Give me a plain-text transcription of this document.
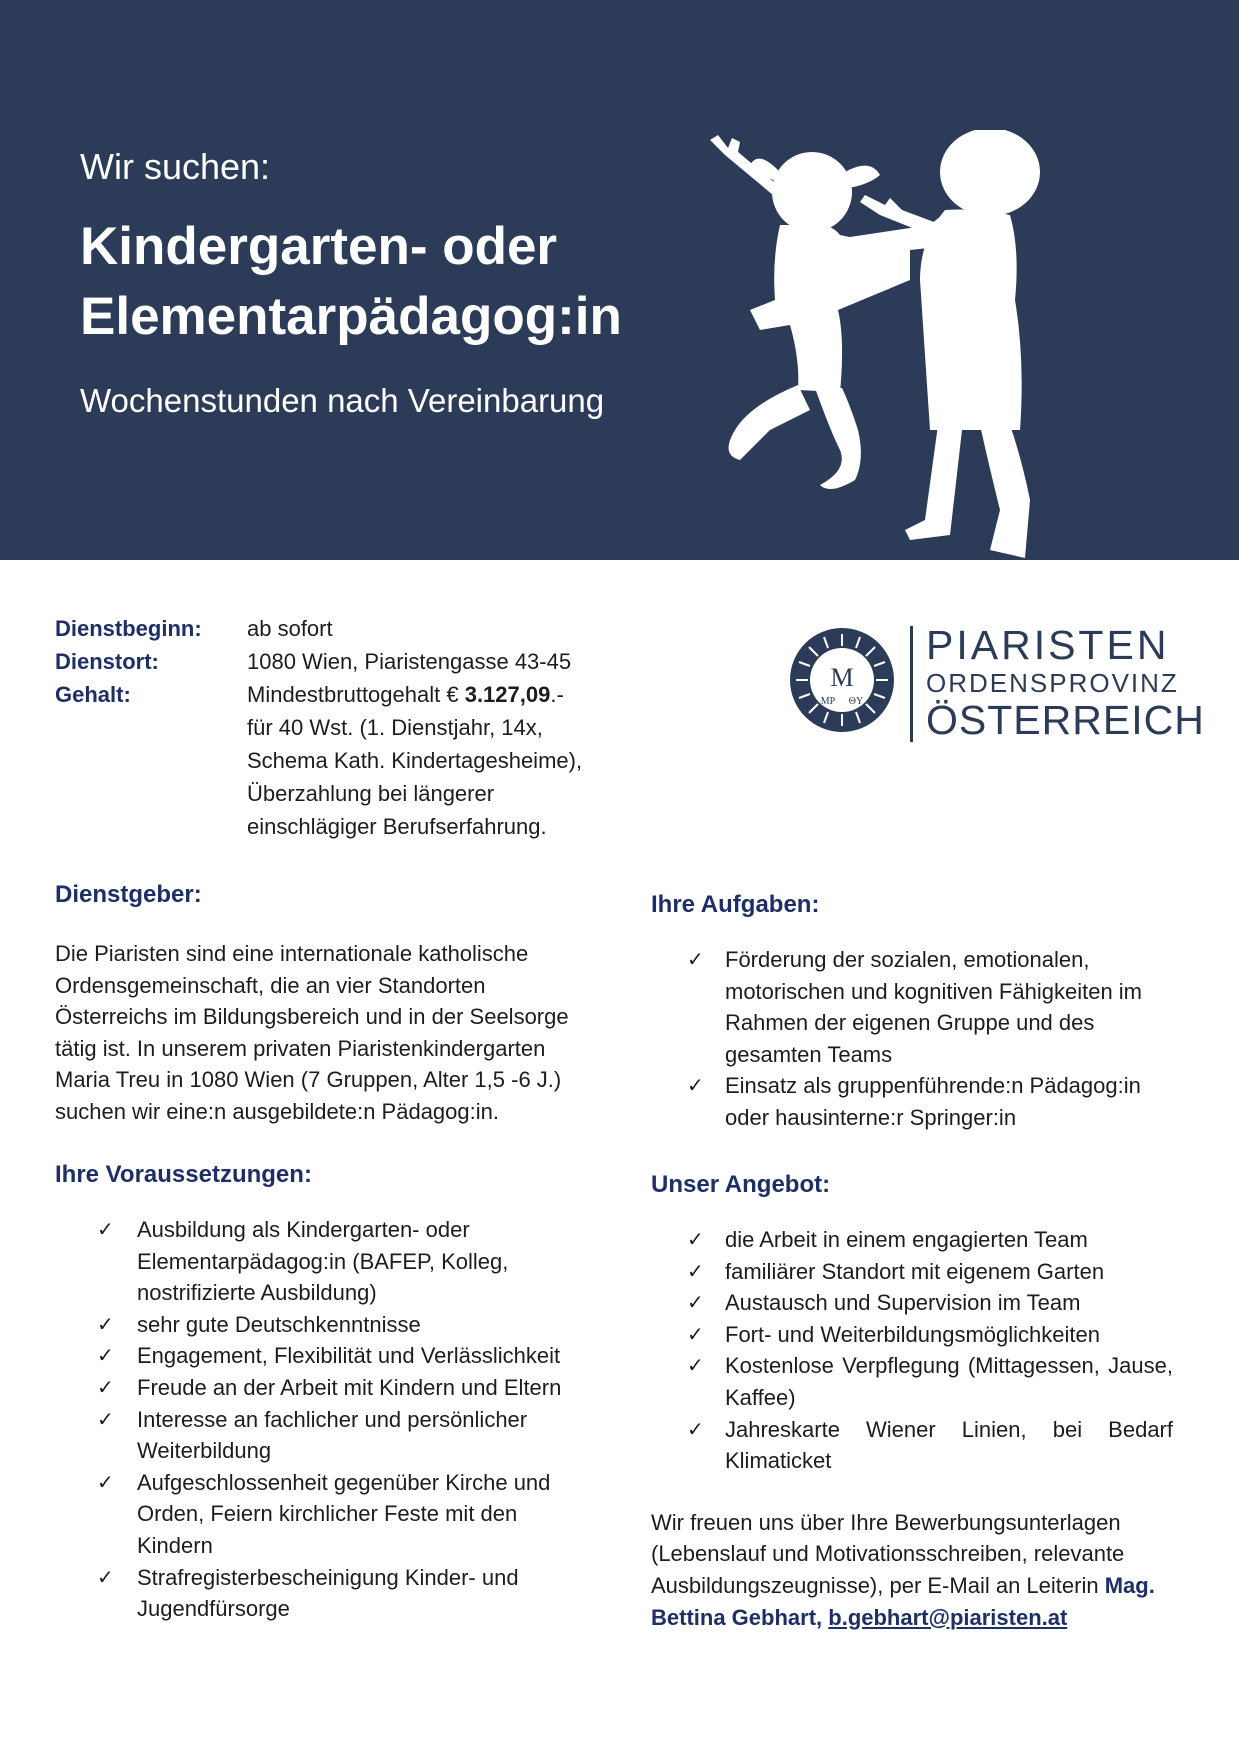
Wir suchen:
Kindergarten- oder
Elementarpädagog:in
Wochenstunden nach Vereinbarung
Dienstbeginn:	ab sofort
Dienstort:	1080 Wien, Piaristengasse 43-45
Gehalt:	Mindestbruttogehalt € 3.127,09.-
für 40 Wst. (1. Dienstjahr, 14x,
Schema Kath. Kindertagesheime),
Überzahlung bei längerer
einschlägiger Berufserfahrung.
M
MP ΘY
PIARISTEN
ORDENSPROVINZ
ÖSTERREICH
Dienstgeber:

Die Piaristen sind eine internationale katholische Ordensgemeinschaft, die an vier Standorten Österreichs im Bildungsbereich und in der Seelsorge tätig ist. In unserem privaten Piaristenkindergarten Maria Treu in 1080 Wien (7 Gruppen, Alter 1,5 -6 J.) suchen wir eine:n ausgebildete:n Pädagog:in.

Ihre Voraussetzungen:
✓ Ausbildung als Kindergarten- oder Elementarpädagog:in (BAFEP, Kolleg, nostrifizierte Ausbildung)
✓ sehr gute Deutschkenntnisse
✓ Engagement, Flexibilität und Verlässlichkeit
✓ Freude an der Arbeit mit Kindern und Eltern
✓ Interesse an fachlicher und persönlicher Weiterbildung
✓ Aufgeschlossenheit gegenüber Kirche und Orden, Feiern kirchlicher Feste mit den Kindern
✓ Strafregisterbescheinigung Kinder- und Jugendfürsorge
Ihre Aufgaben:
✓ Förderung der sozialen, emotionalen, motorischen und kognitiven Fähigkeiten im Rahmen der eigenen Gruppe und des gesamten Teams
✓ Einsatz als gruppenführende:n Pädagog:in oder hausinterne:r Springer:in
Unser Angebot:
✓ die Arbeit in einem engagierten Team
✓ familiärer Standort mit eigenem Garten
✓ Austausch und Supervision im Team
✓ Fort- und Weiterbildungsmöglichkeiten
✓ Kostenlose Verpflegung (Mittagessen, Jause, Kaffee)
✓ Jahreskarte Wiener Linien, bei Bedarf Klimaticket

Wir freuen uns über Ihre Bewerbungsunterlagen (Lebenslauf und Motivationsschreiben, relevante Ausbildungszeugnisse), per E-Mail an Leiterin Mag. Bettina Gebhart, b.gebhart@piaristen.at
